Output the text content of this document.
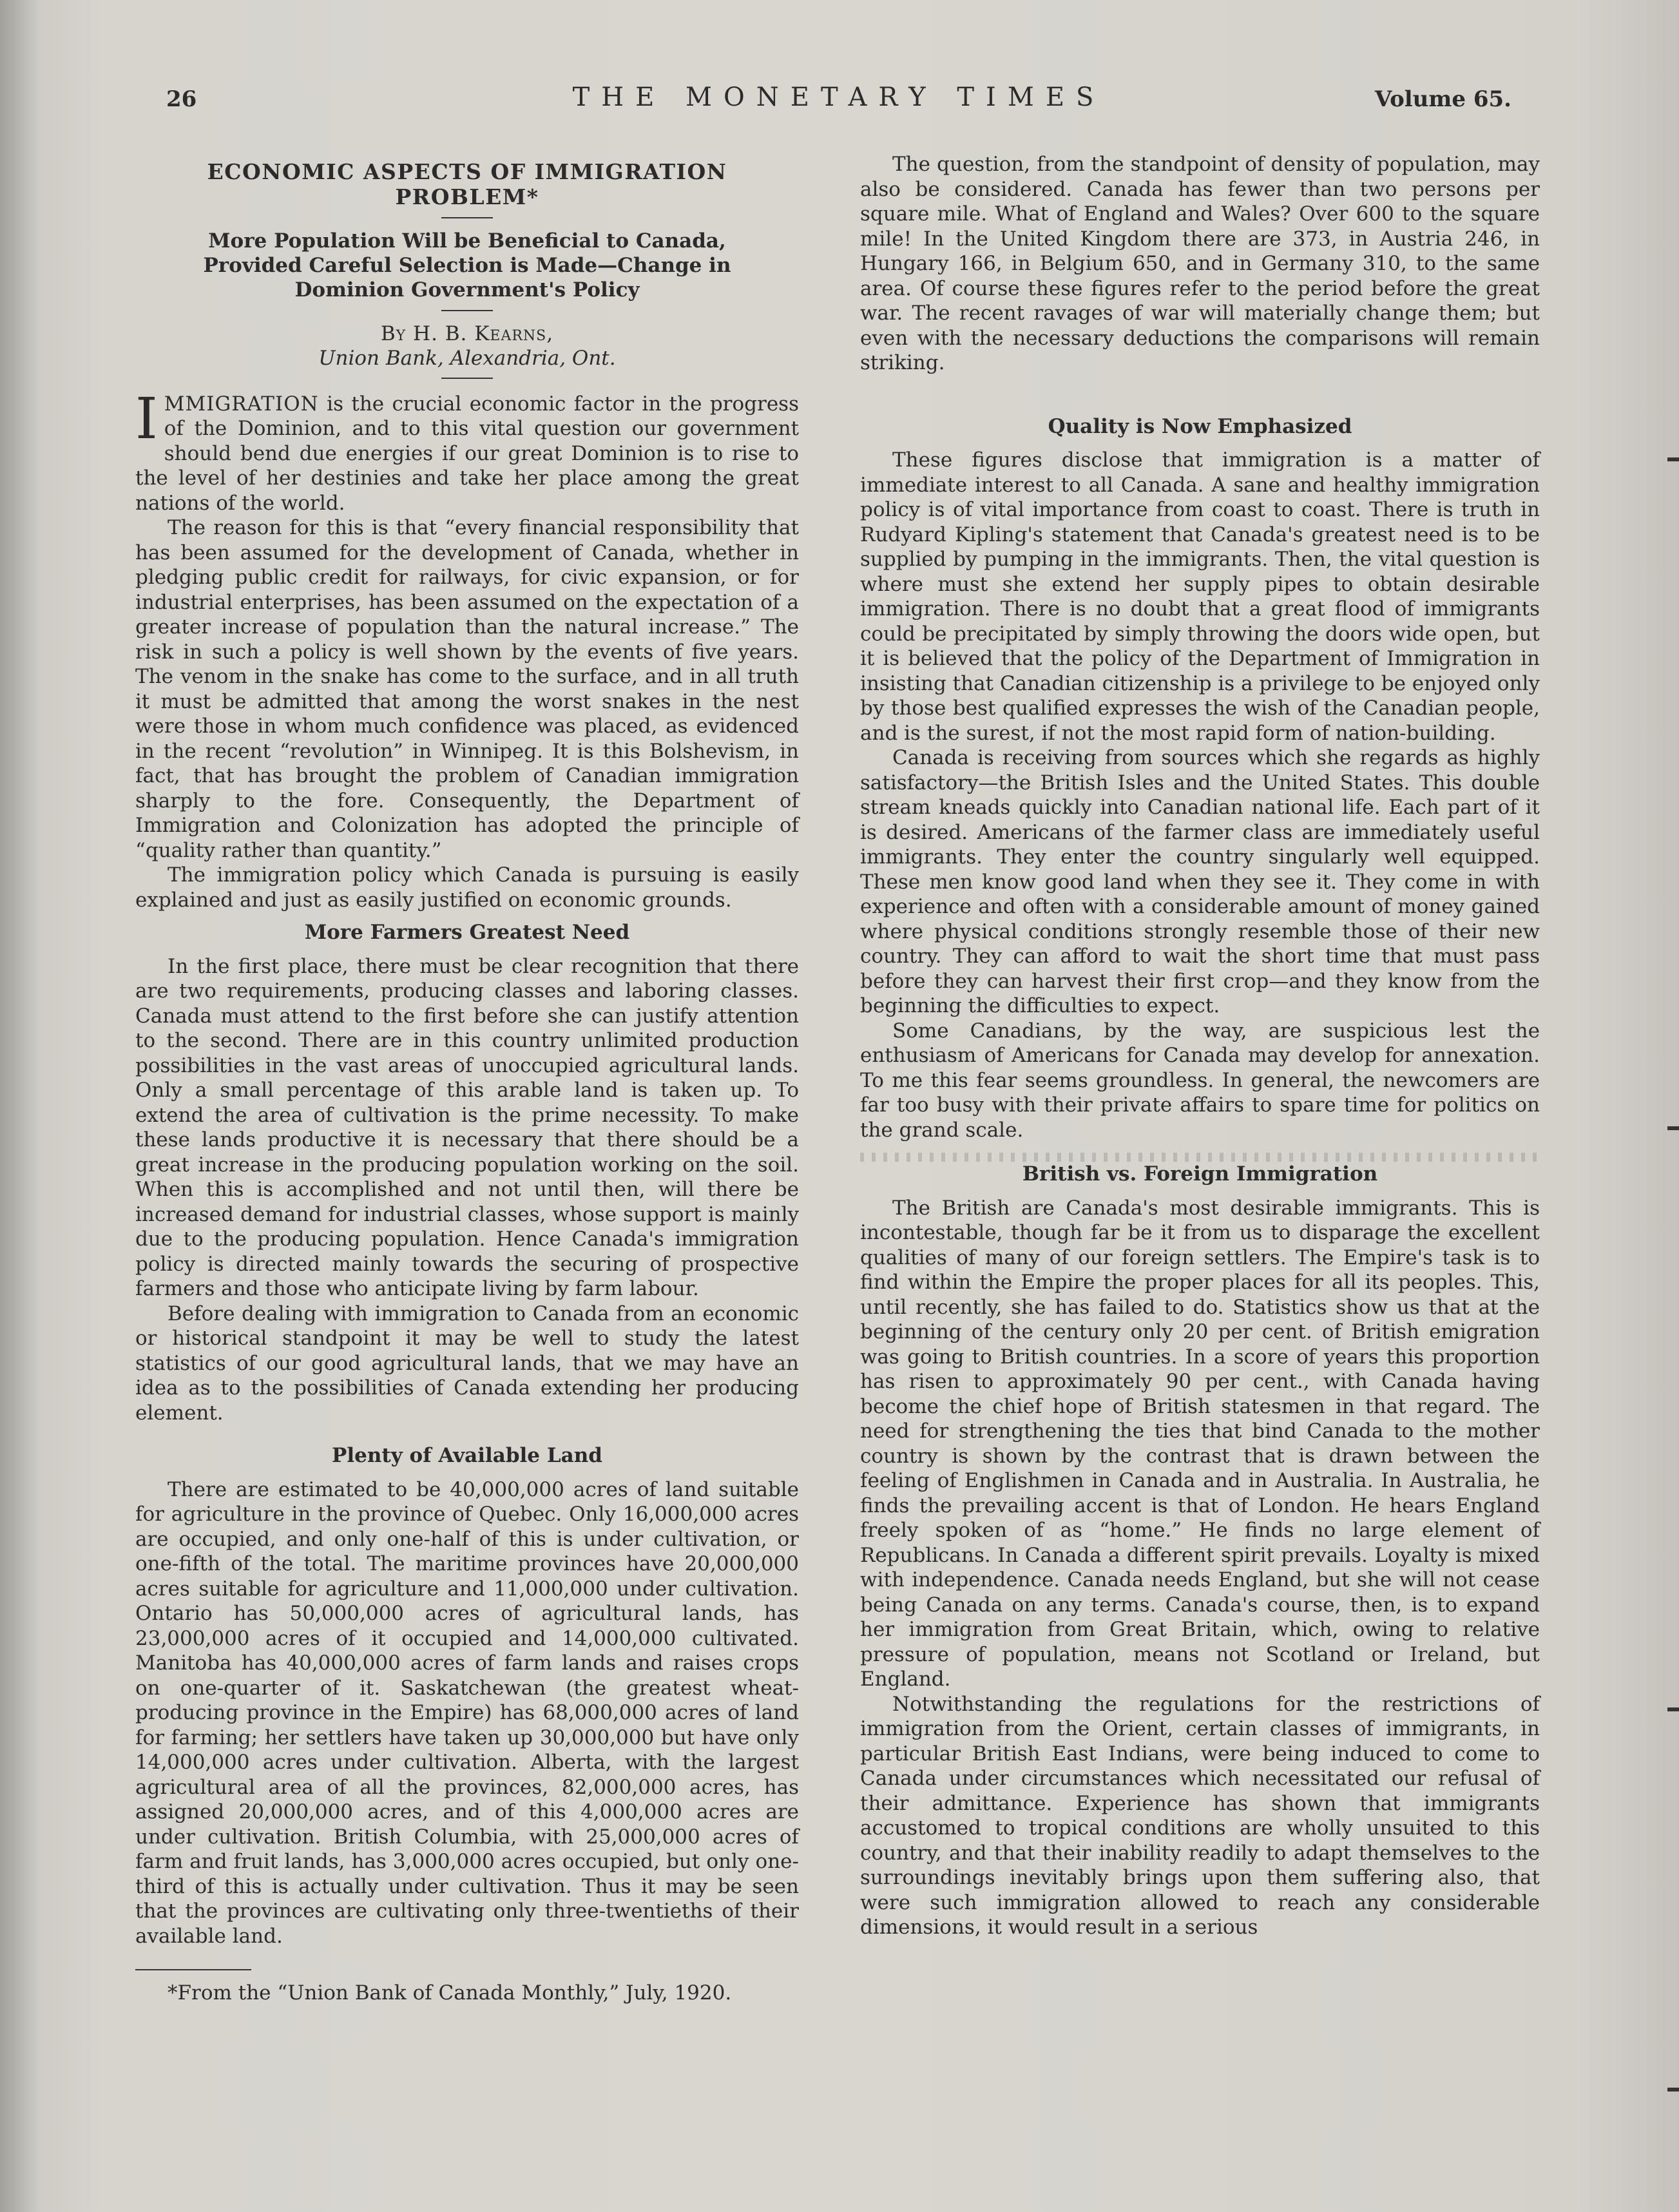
26	THE MONETARY TIMES	Volume 65.
ECONOMIC ASPECTS OF IMMIGRATION PROBLEM*
More Population Will be Beneficial to Canada, Provided Careful Selection is Made—Change in Dominion Government's Policy
By H. B. Kearns,
Union Bank, Alexandria, Ont.

IMMIGRATION is the crucial economic factor in the progress of the Dominion, and to this vital question our government should bend due energies if our great Dominion is to rise to the level of her destinies and take her place among the great nations of the world.

The reason for this is that “every financial responsibility that has been assumed for the development of Canada, whether in pledging public credit for railways, for civic expansion, or for industrial enterprises, has been assumed on the expectation of a greater increase of population than the natural increase.” The risk in such a policy is well shown by the events of five years. The venom in the snake has come to the surface, and in all truth it must be admitted that among the worst snakes in the nest were those in whom much confidence was placed, as evidenced in the recent “revolution” in Winnipeg. It is this Bolshevism, in fact, that has brought the problem of Canadian immigration sharply to the fore. Consequently, the Department of Immigration and Colonization has adopted the principle of “quality rather than quantity.”

The immigration policy which Canada is pursuing is easily explained and just as easily justified on economic grounds.

More Farmers Greatest Need

In the first place, there must be clear recognition that there are two requirements, producing classes and laboring classes. Canada must attend to the first before she can justify attention to the second. There are in this country unlimited production possibilities in the vast areas of unoccupied agricultural lands. Only a small percentage of this arable land is taken up. To extend the area of cultivation is the prime necessity. To make these lands productive it is necessary that there should be a great increase in the producing population working on the soil. When this is accomplished and not until then, will there be increased demand for industrial classes, whose support is mainly due to the producing population. Hence Canada's immigration policy is directed mainly towards the securing of prospective farmers and those who anticipate living by farm labour.

Before dealing with immigration to Canada from an economic or historical standpoint it may be well to study the latest statistics of our good agricultural lands, that we may have an idea as to the possibilities of Canada extending her producing element.

Plenty of Available Land

There are estimated to be 40,000,000 acres of land suitable for agriculture in the province of Quebec. Only 16,000,000 acres are occupied, and only one-half of this is under cultivation, or one-fifth of the total. The maritime provinces have 20,000,000 acres suitable for agriculture and 11,000,000 under cultivation. Ontario has 50,000,000 acres of agricultural lands, has 23,000,000 acres of it occupied and 14,000,000 cultivated. Manitoba has 40,000,000 acres of farm lands and raises crops on one-quarter of it. Saskatchewan (the greatest wheat-producing province in the Empire) has 68,000,000 acres of land for farming; her settlers have taken up 30,000,000 but have only 14,000,000 acres under cultivation. Alberta, with the largest agricultural area of all the provinces, 82,000,000 acres, has assigned 20,000,000 acres, and of this 4,000,000 acres are under cultivation. British Columbia, with 25,000,000 acres of farm and fruit lands, has 3,000,000 acres occupied, but only one-third of this is actually under cultivation. Thus it may be seen that the provinces are cultivating only three-twentieths of their available land.

*From the “Union Bank of Canada Monthly,” July, 1920.

The question, from the standpoint of density of population, may also be considered. Canada has fewer than two persons per square mile. What of England and Wales? Over 600 to the square mile! In the United Kingdom there are 373, in Austria 246, in Hungary 166, in Belgium 650, and in Germany 310, to the same area. Of course these figures refer to the period before the great war. The recent ravages of war will materially change them; but even with the necessary deductions the comparisons will remain striking.

Quality is Now Emphasized

These figures disclose that immigration is a matter of immediate interest to all Canada. A sane and healthy immigration policy is of vital importance from coast to coast. There is truth in Rudyard Kipling's statement that Canada's greatest need is to be supplied by pumping in the immigrants. Then, the vital question is where must she extend her supply pipes to obtain desirable immigration. There is no doubt that a great flood of immigrants could be precipitated by simply throwing the doors wide open, but it is believed that the policy of the Department of Immigration in insisting that Canadian citizenship is a privilege to be enjoyed only by those best qualified expresses the wish of the Canadian people, and is the surest, if not the most rapid form of nation-building.

Canada is receiving from sources which she regards as highly satisfactory—the British Isles and the United States. This double stream kneads quickly into Canadian national life. Each part of it is desired. Americans of the farmer class are immediately useful immigrants. They enter the country singularly well equipped. These men know good land when they see it. They come in with experience and often with a considerable amount of money gained where physical conditions strongly resemble those of their new country. They can afford to wait the short time that must pass before they can harvest their first crop—and they know from the beginning the difficulties to expect.

Some Canadians, by the way, are suspicious lest the enthusiasm of Americans for Canada may develop for annexation. To me this fear seems groundless. In general, the newcomers are far too busy with their private affairs to spare time for politics on the grand scale.

British vs. Foreign Immigration

The British are Canada's most desirable immigrants. This is incontestable, though far be it from us to disparage the excellent qualities of many of our foreign settlers. The Empire's task is to find within the Empire the proper places for all its peoples. This, until recently, she has failed to do. Statistics show us that at the beginning of the century only 20 per cent. of British emigration was going to British countries. In a score of years this proportion has risen to approximately 90 per cent., with Canada having become the chief hope of British statesmen in that regard. The need for strengthening the ties that bind Canada to the mother country is shown by the contrast that is drawn between the feeling of Englishmen in Canada and in Australia. In Australia, he finds the prevailing accent is that of London. He hears England freely spoken of as “home.” He finds no large element of Republicans. In Canada a different spirit prevails. Loyalty is mixed with independence. Canada needs England, but she will not cease being Canada on any terms. Canada's course, then, is to expand her immigration from Great Britain, which, owing to relative pressure of population, means not Scotland or Ireland, but England.

Notwithstanding the regulations for the restrictions of immigration from the Orient, certain classes of immigrants, in particular British East Indians, were being induced to come to Canada under circumstances which necessitated our refusal of their admittance. Experience has shown that immigrants accustomed to tropical conditions are wholly unsuited to this country, and that their inability readily to adapt themselves to the surroundings inevitably brings upon them suffering also, that were such immigration allowed to reach any considerable dimensions, it would result in a serious
